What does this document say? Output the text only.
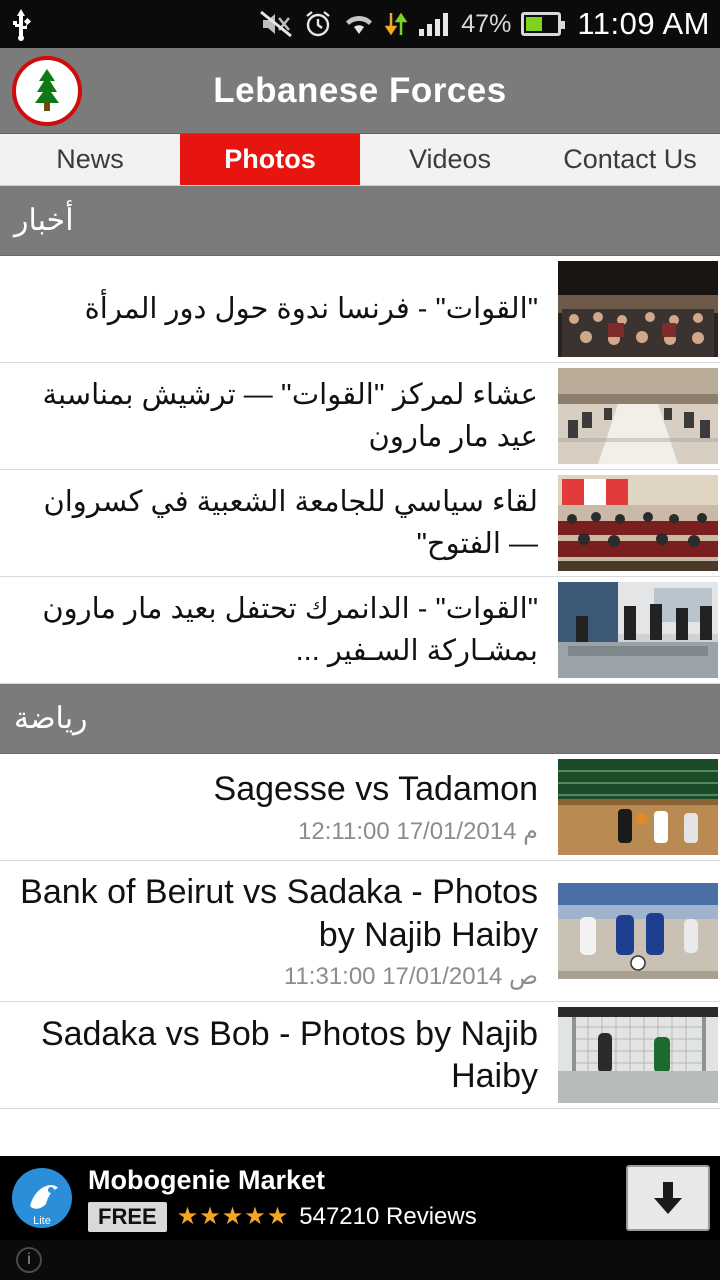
47% 11:09 AM
Lebanese Forces
News	Photos	Videos	Contact Us
أخبار
"القوات" - فرنسا ندوة حول دور المرأة
عشاء لمركز ''القوات'' — ترشيش بمناسبة عيد مار مارون
لقاء سياسي للجامعة الشعبية في كسروان — الفتوح"
"القوات" - الدانمرك تحتفل بعيد مار مارون بمشـاركة السـفير ...
رياضة
Sagesse vs Tadamon
12:11:00 17/01/2014 م
Bank of Beirut vs Sadaka - Photos by Najib Haiby
11:31:00 17/01/2014 ص
Sadaka vs Bob - Photos by Najib Haiby
Lite
Mobogenie Market
FREE ★★★★★ 547210 Reviews
i
